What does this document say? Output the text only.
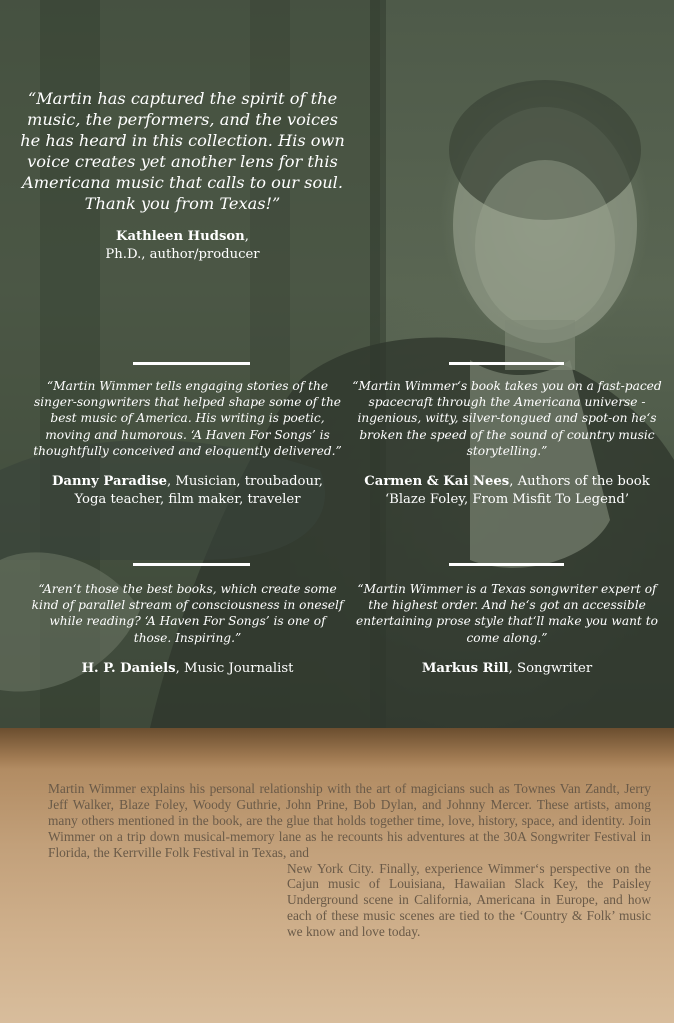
“Martin has captured the spirit of the music, the performers, and the voices he has heard in this collection. His own voice creates yet another lens for this Americana music that calls to our soul. Thank you from Texas!”

Kathleen Hudson,
Ph.D., author/producer

“Martin Wimmer tells engaging stories of the singer-songwriters that helped shape some of the best music of America. His writing is poetic, moving and humorous. ‘A Haven For Songs’ is thoughtfully conceived and eloquently delivered.”

Danny Paradise, Musician, troubadour,
Yoga teacher, film maker, traveler

“Martin Wimmer‘s book takes you on a fast-paced spacecraft through the Americana universe - ingenious, witty, silver-tongued and spot-on he‘s broken the speed of the sound of country music storytelling.”

Carmen & Kai Nees, Authors of the book
‘Blaze Foley, From Misfit To Legend’

“Aren‘t those the best books, which create some kind of parallel stream of consciousness in oneself while reading? ‘A Haven For Songs’ is one of those. Inspiring.”

H. P. Daniels, Music Journalist

“Martin Wimmer is a Texas songwriter expert of the highest order. And he‘s got an accessible entertaining prose style that‘ll make you want to come along.”

Markus Rill, Songwriter

Martin Wimmer explains his personal relationship with the art of magicians such as Townes Van Zandt, Jerry Jeff Walker, Blaze Foley, Woody Guthrie, John Prine, Bob Dylan, and Johnny Mercer. These artists, among many others mentioned in the book, are the glue that holds together time, love, history, space, and identity. Join Wimmer on a trip down musical-memory lane as he recounts his adventures at the 30A Songwriter Festival in Florida, the Kerrville Folk Festival in Texas, and
New York City. Finally, experience Wimmer‘s perspective on the Cajun music of Louisiana, Hawaiian Slack Key, the Paisley Underground scene in California, Americana in Europe, and how each of these music scenes are tied to the ‘Country & Folk’ music we know and love today.
